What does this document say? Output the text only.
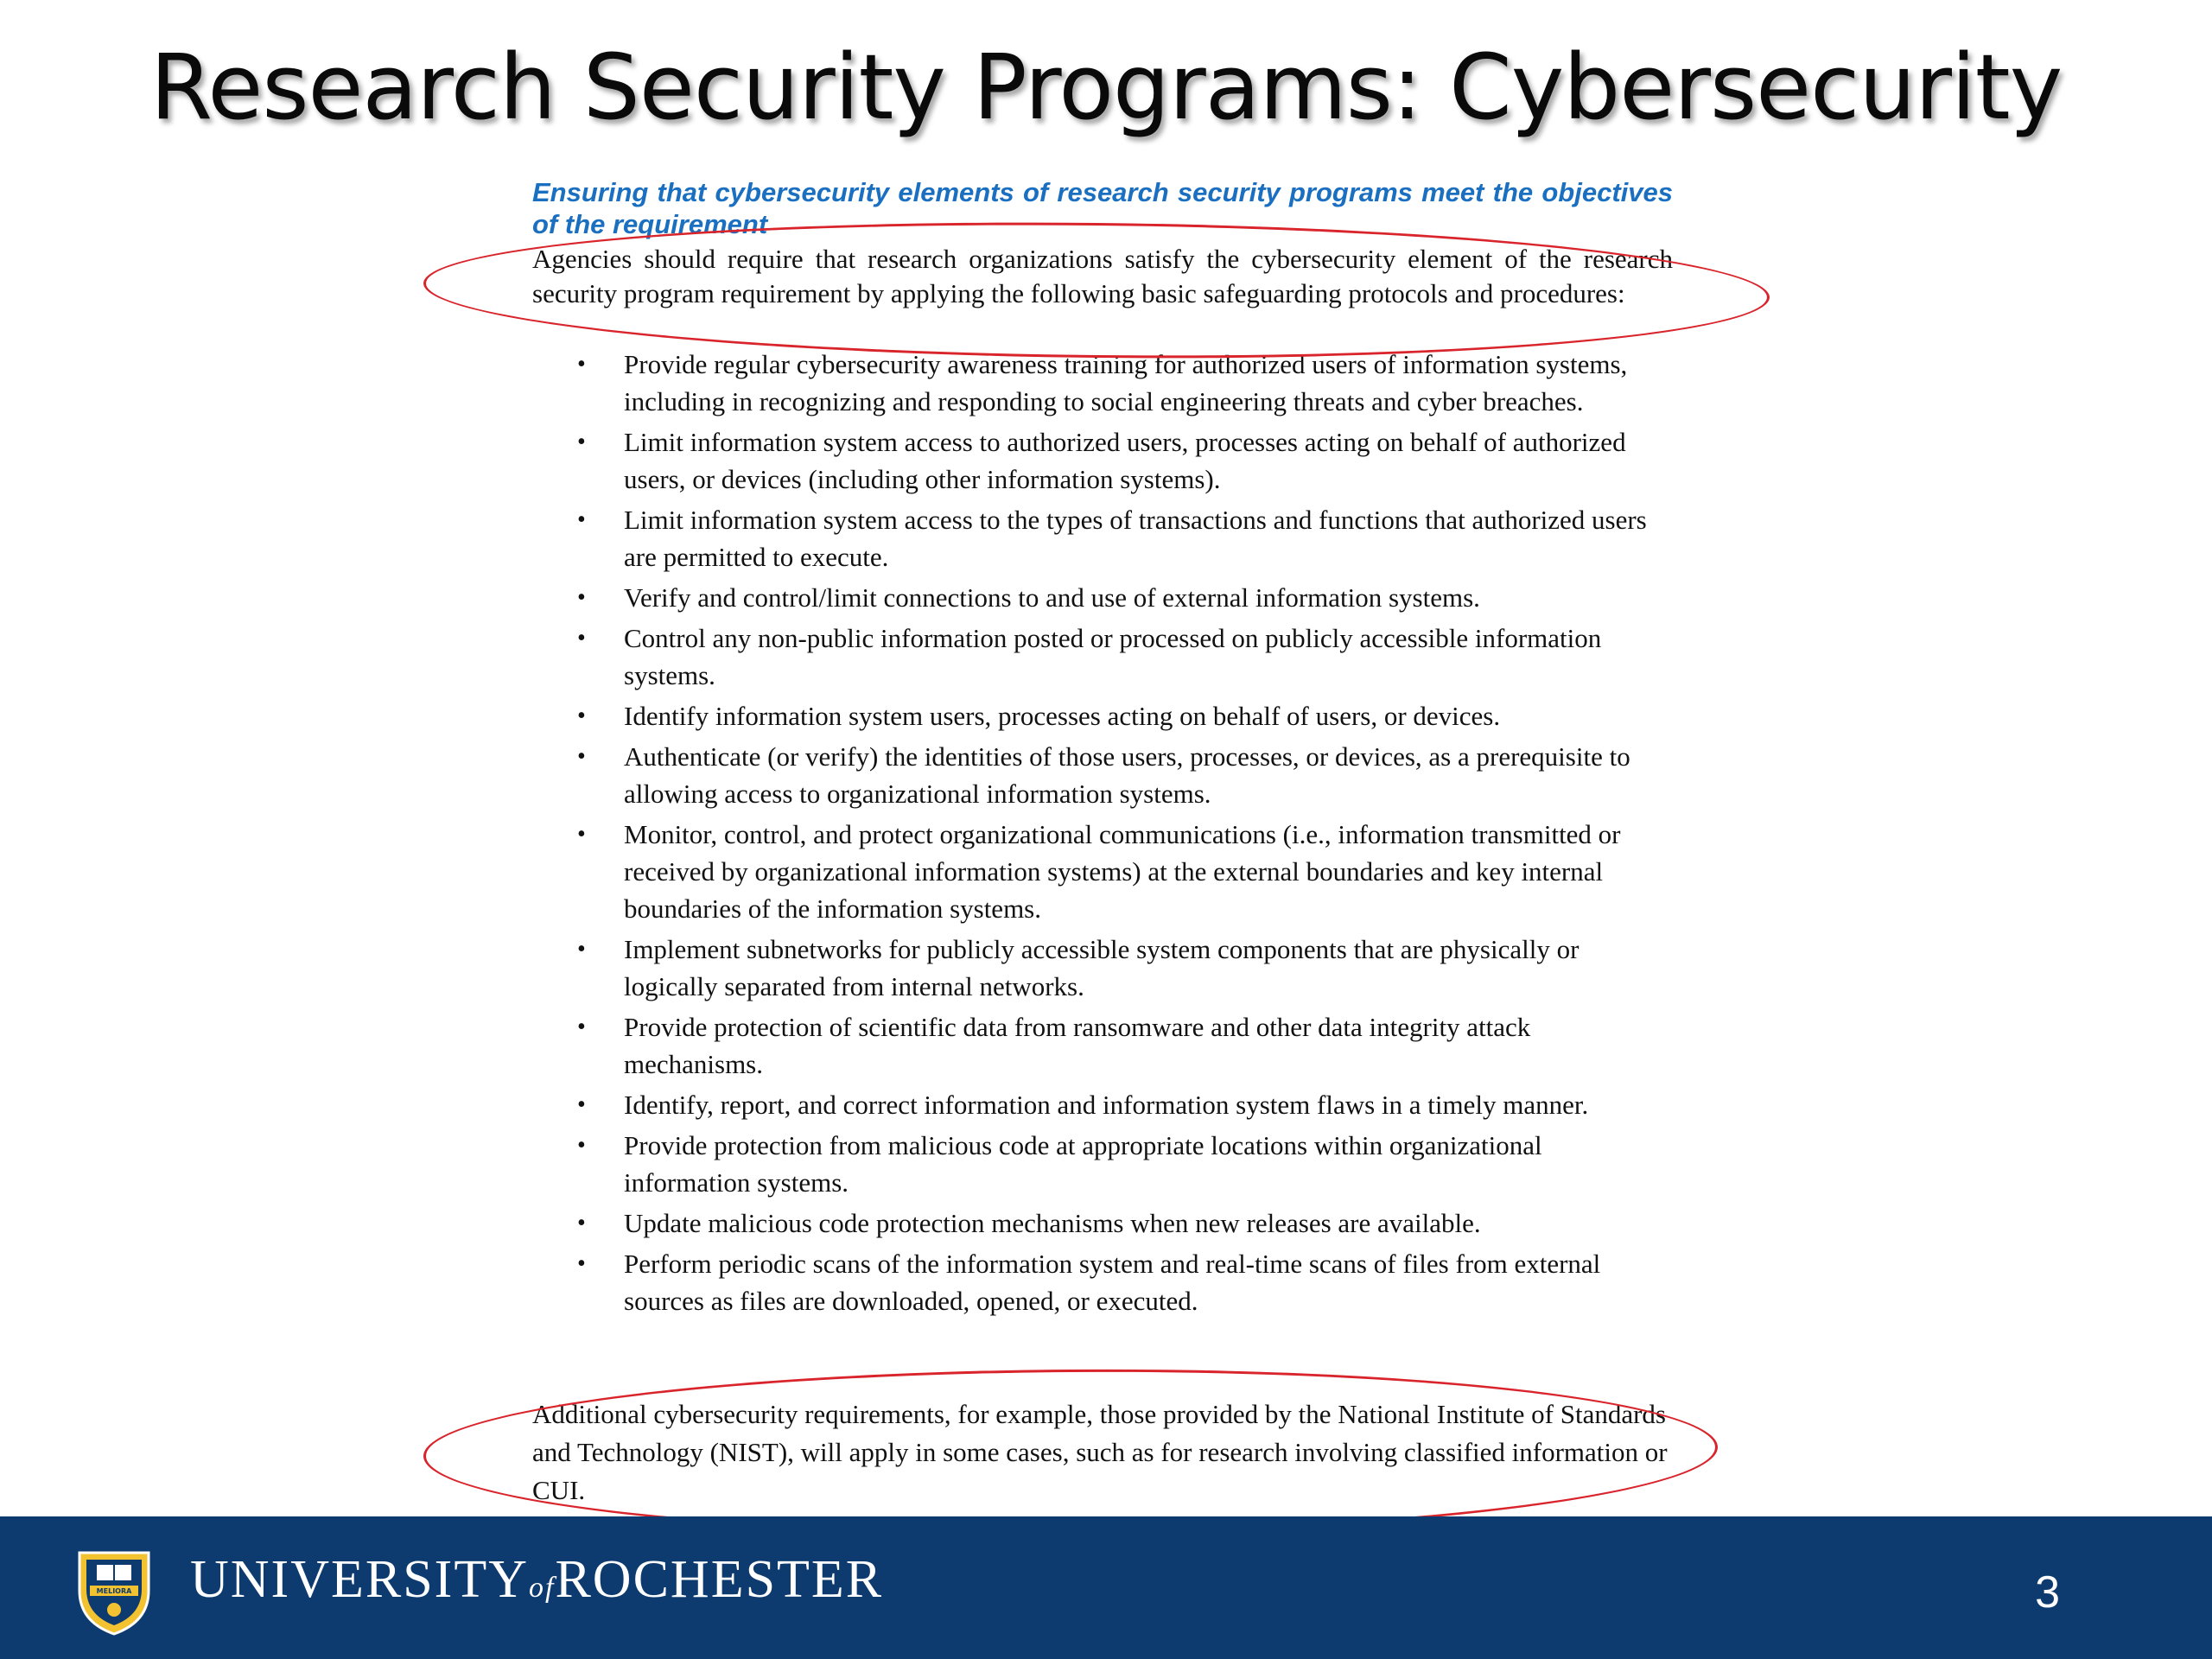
Research Security Programs: Cybersecurity
Ensuring that cybersecurity elements of research security programs meet the objectives of the requirement
Agencies should require that research organizations satisfy the cybersecurity element of the research security program requirement by applying the following basic safeguarding protocols and procedures:
• Provide regular cybersecurity awareness training for authorized users of information systems, including in recognizing and responding to social engineering threats and cyber breaches.
• Limit information system access to authorized users, processes acting on behalf of authorized users, or devices (including other information systems).
• Limit information system access to the types of transactions and functions that authorized users are permitted to execute.
• Verify and control/limit connections to and use of external information systems.
• Control any non-public information posted or processed on publicly accessible information systems.
• Identify information system users, processes acting on behalf of users, or devices.
• Authenticate (or verify) the identities of those users, processes, or devices, as a prerequisite to allowing access to organizational information systems.
• Monitor, control, and protect organizational communications (i.e., information transmitted or received by organizational information systems) at the external boundaries and key internal boundaries of the information systems.
• Implement subnetworks for publicly accessible system components that are physically or logically separated from internal networks.
• Provide protection of scientific data from ransomware and other data integrity attack mechanisms.
• Identify, report, and correct information and information system flaws in a timely manner.
• Provide protection from malicious code at appropriate locations within organizational information systems.
• Update malicious code protection mechanisms when new releases are available.
• Perform periodic scans of the information system and real-time scans of files from external sources as files are downloaded, opened, or executed.
Additional cybersecurity requirements, for example, those provided by the National Institute of Standards and Technology (NIST), will apply in some cases, such as for research involving classified information or CUI.
MELIORA UNIVERSITYofROCHESTER	3
